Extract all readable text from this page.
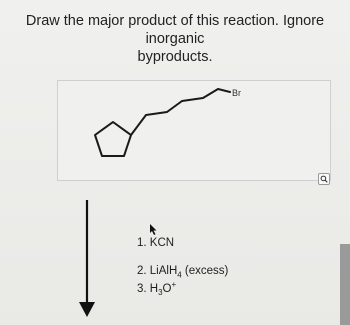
Draw the major product of this reaction. Ignore inorganic
byproducts.
Br
1. KCN
2. LiAlH$_4$ (excess)
3. $H_3O^+$
